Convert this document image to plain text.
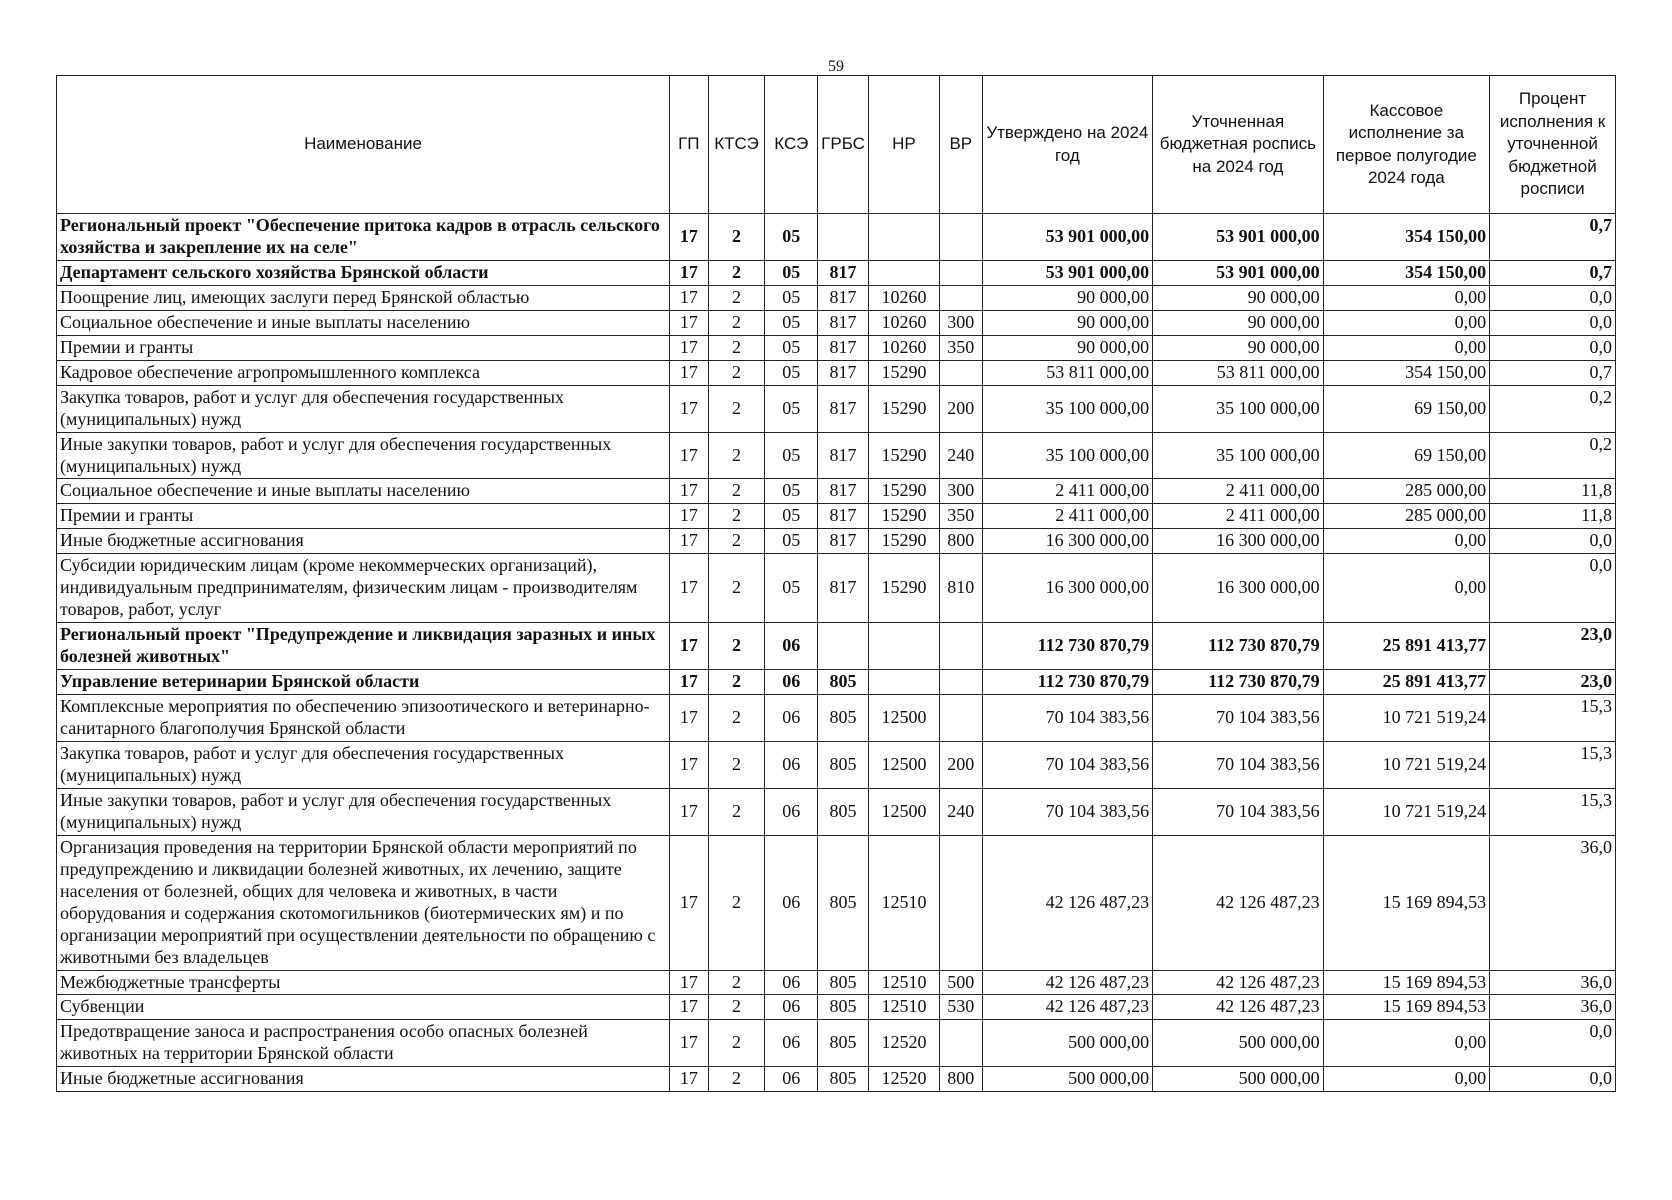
59
Наименование	ГП	КТСЭ	КСЭ	ГРБС	НР	ВР	Утверждено на 2024 год	Уточненная бюджетная роспись на 2024 год	Кассовое исполнение за первое полугодие 2024 года	Процент исполнения к уточненной бюджетной росписи
Региональный проект "Обеспечение притока кадров в отрасль сельского хозяйства и закрепление их на селе"	17	2	05				53 901 000,00	53 901 000,00	354 150,00	0,7
Департамент сельского хозяйства Брянской области	17	2	05	817			53 901 000,00	53 901 000,00	354 150,00	0,7
Поощрение лиц, имеющих заслуги перед Брянской областью	17	2	05	817	10260		90 000,00	90 000,00	0,00	0,0
Социальное обеспечение и иные выплаты населению	17	2	05	817	10260	300	90 000,00	90 000,00	0,00	0,0
Премии и гранты	17	2	05	817	10260	350	90 000,00	90 000,00	0,00	0,0
Кадровое обеспечение агропромышленного комплекса	17	2	05	817	15290		53 811 000,00	53 811 000,00	354 150,00	0,7
Закупка товаров, работ и услуг для обеспечения государственных (муниципальных) нужд	17	2	05	817	15290	200	35 100 000,00	35 100 000,00	69 150,00	0,2
Иные закупки товаров, работ и услуг для обеспечения государственных (муниципальных) нужд	17	2	05	817	15290	240	35 100 000,00	35 100 000,00	69 150,00	0,2
Социальное обеспечение и иные выплаты населению	17	2	05	817	15290	300	2 411 000,00	2 411 000,00	285 000,00	11,8
Премии и гранты	17	2	05	817	15290	350	2 411 000,00	2 411 000,00	285 000,00	11,8
Иные бюджетные ассигнования	17	2	05	817	15290	800	16 300 000,00	16 300 000,00	0,00	0,0
Субсидии юридическим лицам (кроме некоммерческих организаций), индивидуальным предпринимателям, физическим лицам - производителям товаров, работ, услуг	17	2	05	817	15290	810	16 300 000,00	16 300 000,00	0,00	0,0
Региональный проект "Предупреждение и ликвидация заразных и иных болезней животных"	17	2	06				112 730 870,79	112 730 870,79	25 891 413,77	23,0
Управление ветеринарии Брянской области	17	2	06	805			112 730 870,79	112 730 870,79	25 891 413,77	23,0
Комплексные мероприятия по обеспечению эпизоотического и ветеринарно-санитарного благополучия Брянской области	17	2	06	805	12500		70 104 383,56	70 104 383,56	10 721 519,24	15,3
Закупка товаров, работ и услуг для обеспечения государственных (муниципальных) нужд	17	2	06	805	12500	200	70 104 383,56	70 104 383,56	10 721 519,24	15,3
Иные закупки товаров, работ и услуг для обеспечения государственных (муниципальных) нужд	17	2	06	805	12500	240	70 104 383,56	70 104 383,56	10 721 519,24	15,3
Организация проведения на территории Брянской области мероприятий по предупреждению и ликвидации болезней животных, их лечению, защите населения от болезней, общих для человека и животных, в части оборудования и содержания скотомогильников (биотермических ям) и по организации мероприятий при осуществлении деятельности по обращению с животными без владельцев	17	2	06	805	12510		42 126 487,23	42 126 487,23	15 169 894,53	36,0
Межбюджетные трансферты	17	2	06	805	12510	500	42 126 487,23	42 126 487,23	15 169 894,53	36,0
Субвенции	17	2	06	805	12510	530	42 126 487,23	42 126 487,23	15 169 894,53	36,0
Предотвращение заноса и распространения особо опасных болезней животных на территории Брянской области	17	2	06	805	12520		500 000,00	500 000,00	0,00	0,0
Иные бюджетные ассигнования	17	2	06	805	12520	800	500 000,00	500 000,00	0,00	0,0
